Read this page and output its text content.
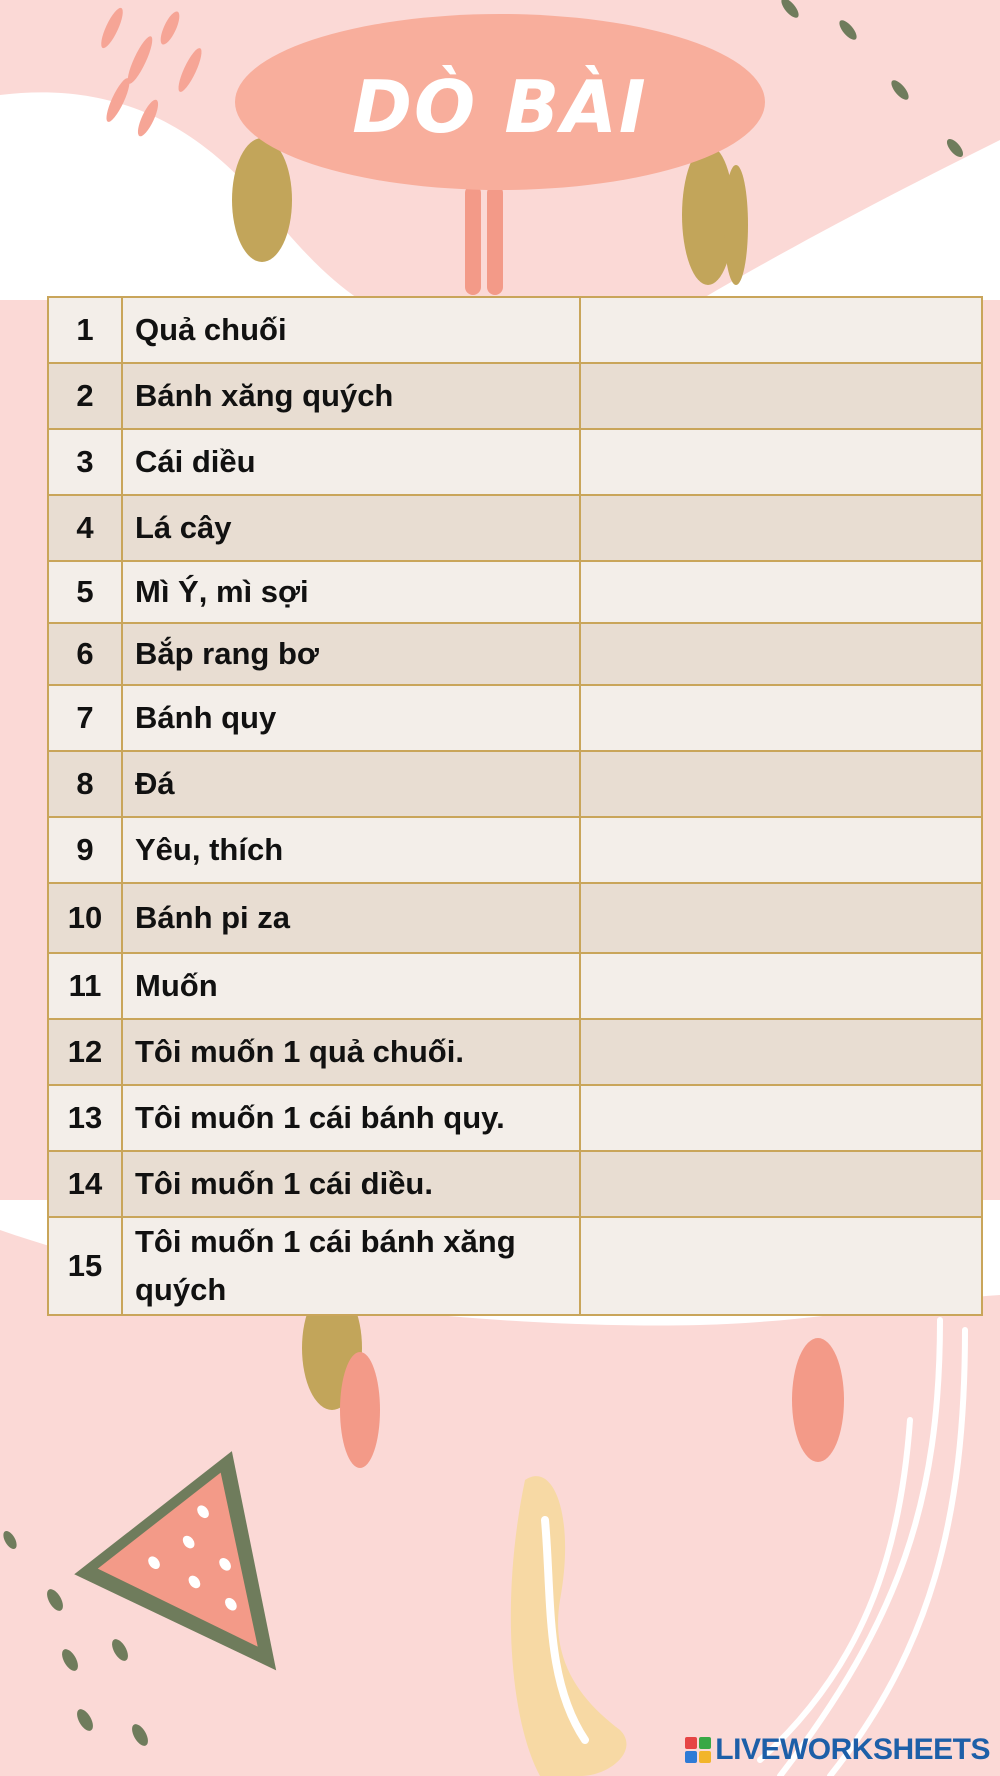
DÒ BÀI
1	Quả chuối	
2	Bánh xăng quých	
3	Cái diều	
4	Lá cây	
5	Mì Ý, mì sợi	
6	Bắp rang bơ	
7	Bánh quy	
8	Đá	
9	Yêu, thích	
10	Bánh pi za	
11	Muốn	
12	Tôi muốn 1 quả chuối.	
13	Tôi muốn 1 cái bánh quy.	
14	Tôi muốn 1 cái diều.	
15	Tôi muốn 1 cái bánh xăng quých	
LIVEWORKSHEETS
